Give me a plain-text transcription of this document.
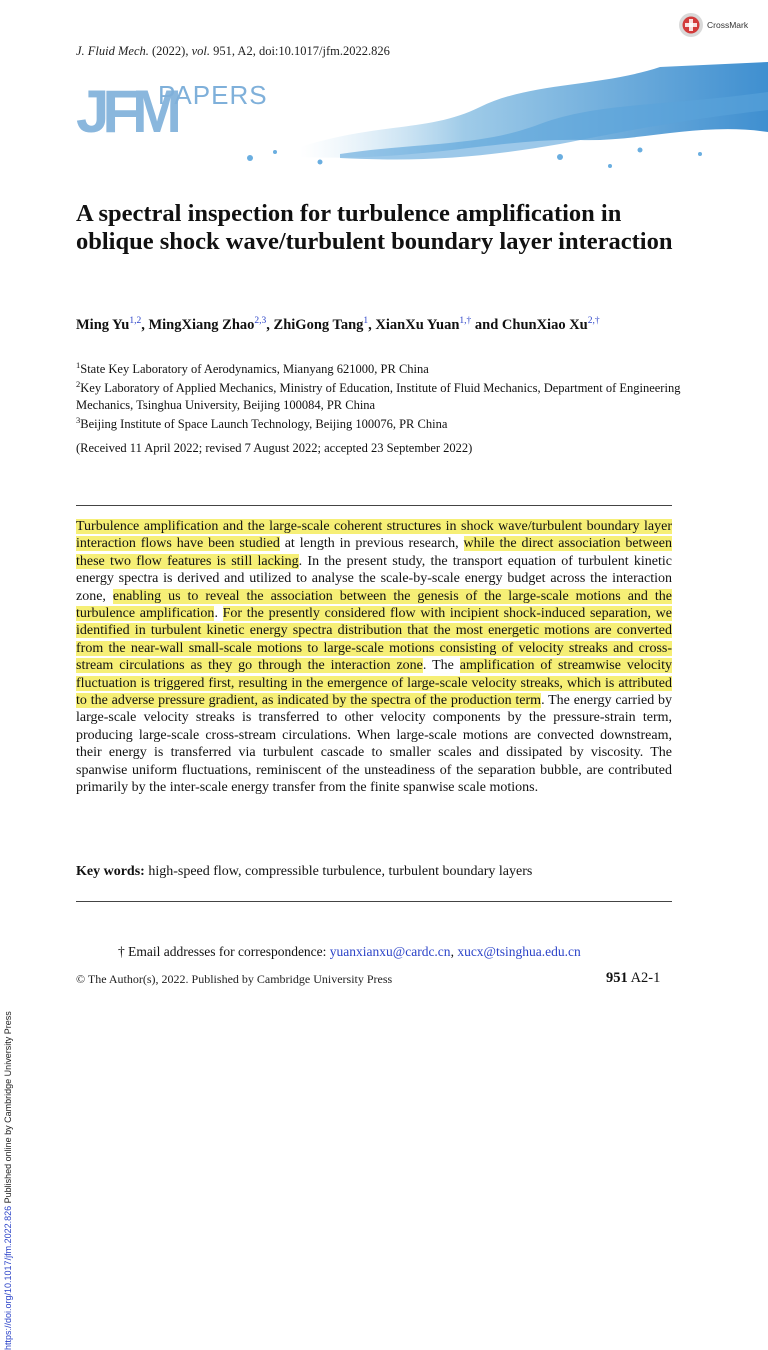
J. Fluid Mech. (2022), vol. 951, A2, doi:10.1017/jfm.2022.826
CrossMark
JFM
PAPERS
A spectral inspection for turbulence amplification in oblique shock wave/turbulent boundary layer interaction
Ming Yu$^{1,2}$, MingXiang Zhao$^{2,3}$, ZhiGong Tang$^1$, XianXu Yuan$^{1,\dagger}$ and ChunXiao $Xu^{2,\dagger}$
$^1$State Key Laboratory of Aerodynamics, Mianyang 621000, PR China
$^2$Key Laboratory of Applied Mechanics, Ministry of Education, Institute of Fluid Mechanics, Department of Engineering Mechanics, Tsinghua University, Beijing 100084, PR China
$^3$Beijing Institute of Space Launch Technology, Beijing 100076, PR China
(Received 11 April 2022; revised 7 August 2022; accepted 23 September 2022)
Turbulence amplification and the large-scale coherent structures in shock wave/turbulent boundary layer interaction flows have been studied at length in previous research, while the direct association between these two flow features is still lacking. In the present study, the transport equation of turbulent kinetic energy spectra is derived and utilized to analyse the scale-by-scale energy budget across the interaction zone, enabling us to reveal the association between the genesis of the large-scale motions and the turbulence amplification. For the presently considered flow with incipient shock-induced separation, we identified in turbulent kinetic energy spectra distribution that the most energetic motions are converted from the near-wall small-scale motions to large-scale motions consisting of velocity streaks and cross-stream circulations as they go through the interaction zone. The amplification of streamwise velocity fluctuation is triggered first, resulting in the emergence of large-scale velocity streaks, which is attributed to the adverse pressure gradient, as indicated by the spectra of the production term. The energy carried by large-scale velocity streaks is transferred to other velocity components by the pressure-strain term, producing large-scale cross-stream circulations. When large-scale motions are convected downstream, their energy is transferred via turbulent cascade to smaller scales and dissipated by viscosity. The spanwise uniform fluctuations, reminiscent of the unsteadiness of the separation bubble, are contributed primarily by the inter-scale energy transfer from the finite spanwise scale motions.
Key words: high-speed flow, compressible turbulence, turbulent boundary layers
† Email addresses for correspondence: yuanxianxu@cardc.cn, xucx@tsinghua.edu.cn
© The Author(s), 2022. Published by Cambridge University Press	951 A2-1
https://doi.org/10.1017/jfm.2022.826 Published online by Cambridge University Press
